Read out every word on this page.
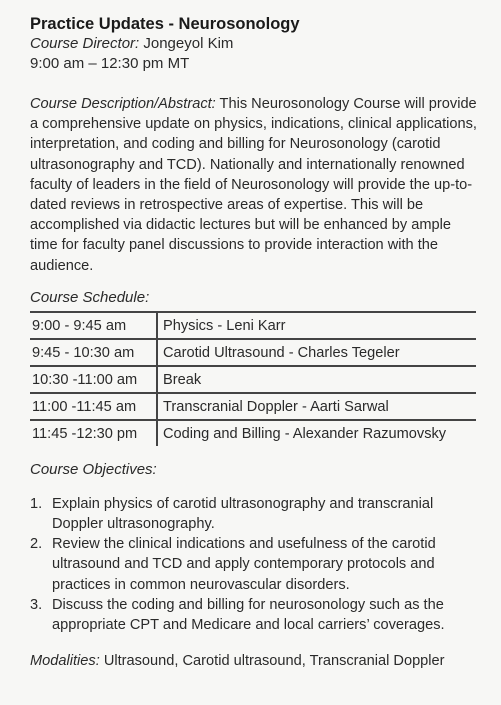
Practice Updates - Neurosonology

Course Director: Jongeyol Kim

9:00 am – 12:30 pm MT

Course Description/Abstract: This Neurosonology Course will provide a comprehensive update on physics, indications, clinical applications, interpretation, and coding and billing for Neurosonology (carotid ultrasonography and TCD). Nationally and internationally renowned faculty of leaders in the field of Neurosonology will provide the up-to-dated reviews in retrospective areas of expertise. This will be accomplished via didactic lectures but will be enhanced by ample time for faculty panel discussions to provide interaction with the audience.

Course Schedule:

9:00 - 9:45 am	Physics - Leni Karr
9:45 - 10:30 am	Carotid Ultrasound - Charles Tegeler
10:30 -11:00 am	Break
11:00 -11:45 am	Transcranial Doppler - Aarti Sarwal
11:45 -12:30 pm	Coding and Billing - Alexander Razumovsky

Course Objectives:

1. Explain physics of carotid ultrasonography and transcranial Doppler ultrasonography.
2. Review the clinical indications and usefulness of the carotid ultrasound and TCD and apply contemporary protocols and practices in common neurovascular disorders.
3. Discuss the coding and billing for neurosonology such as the appropriate CPT and Medicare and local carriers’ coverages.

Modalities: Ultrasound, Carotid ultrasound, Transcranial Doppler
